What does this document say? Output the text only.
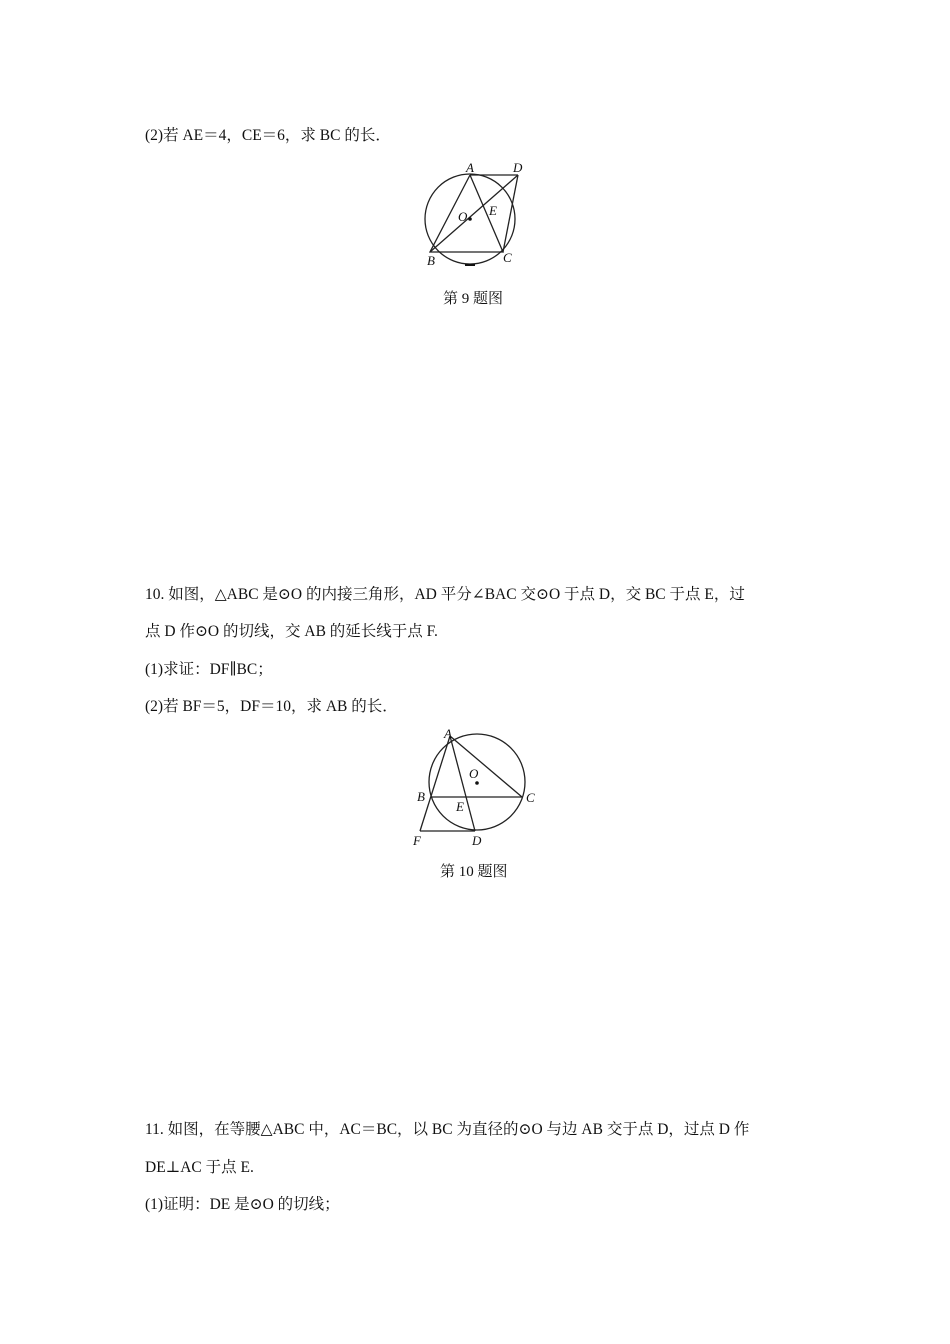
(2)若 AE＝4，CE＝6，求 BC 的长．
A	D
O E
B	C
第 9 题图
10. 如图，△ABC 是⊙O 的内接三角形，AD 平分∠BAC 交⊙O 于点 D，交 BC 于点 E，过
点 D 作⊙O 的切线，交 AB 的延长线于点 F.
(1)求证：DF∥BC；
(2)若 BF＝5，DF＝10，求 AB 的长．
A
O
B	C
E
F	D
第 10 题图
11. 如图，在等腰△ABC 中，AC＝BC，以 BC 为直径的⊙O 与边 AB 交于点 D，过点 D 作
DE⊥AC 于点 E.
(1)证明：DE 是⊙O 的切线；
